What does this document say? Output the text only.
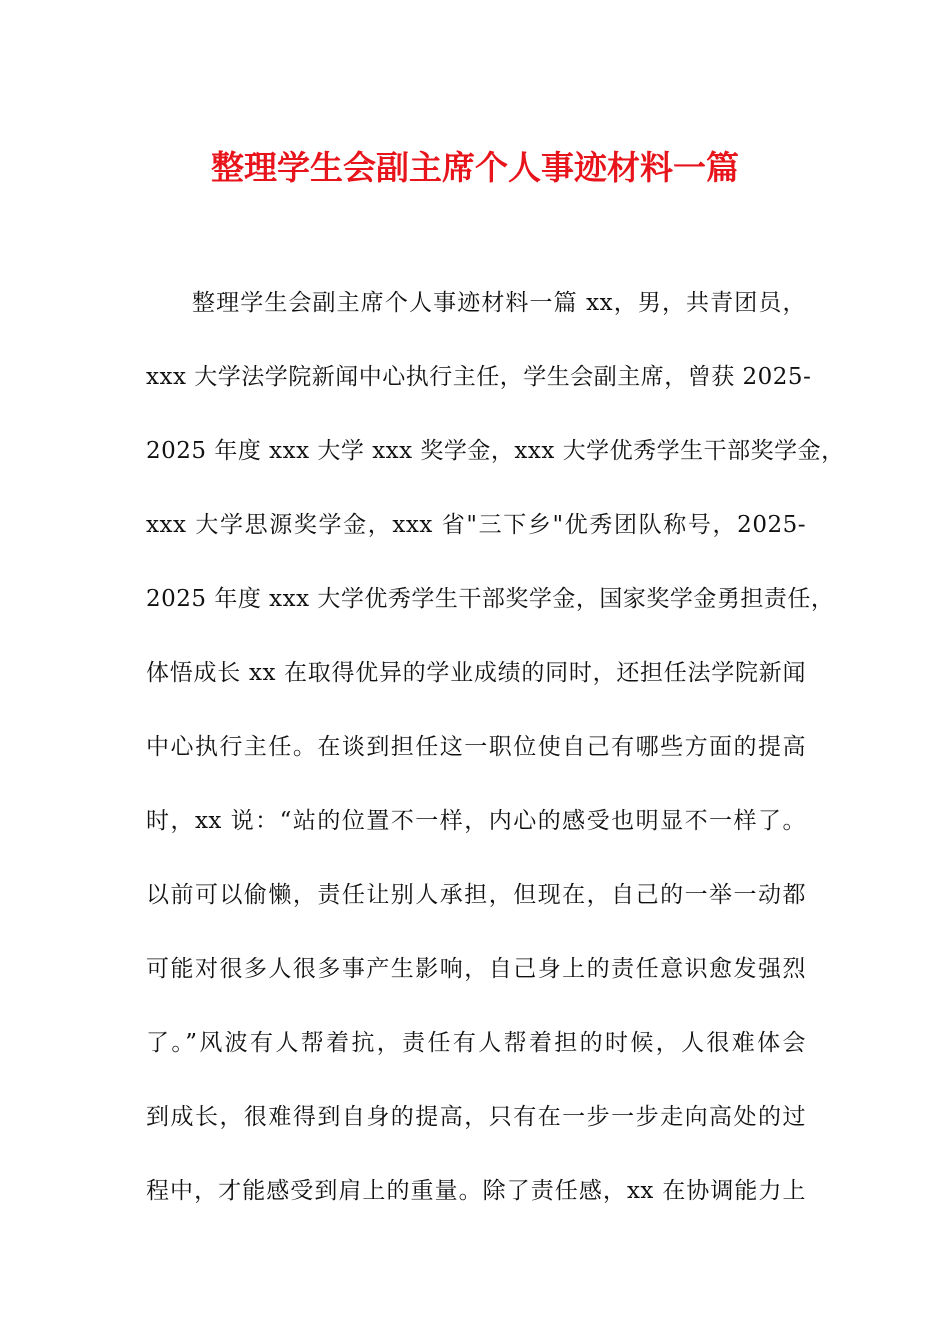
整理学生会副主席个人事迹材料一篇
整理学生会副主席个人事迹材料一篇 xx，男，共青团员，
xxx 大学法学院新闻中心执行主任，学生会副主席，曾获 2025-
2025 年度 xxx 大学 xxx 奖学金，xxx 大学优秀学生干部奖学金，
xxx 大学思源奖学金，xxx 省"三下乡"优秀团队称号，2025-
2025 年度 xxx 大学优秀学生干部奖学金，国家奖学金勇担责任，
体悟成长 xx 在取得优异的学业成绩的同时，还担任法学院新闻
中心执行主任。在谈到担任这一职位使自己有哪些方面的提高
时，xx 说：“站的位置不一样，内心的感受也明显不一样了。
以前可以偷懒，责任让别人承担，但现在，自己的一举一动都
可能对很多人很多事产生影响，自己身上的责任意识愈发强烈
了。”风波有人帮着抗，责任有人帮着担的时候，人很难体会
到成长，很难得到自身的提高，只有在一步一步走向高处的过
程中，才能感受到肩上的重量。除了责任感，xx 在协调能力上
